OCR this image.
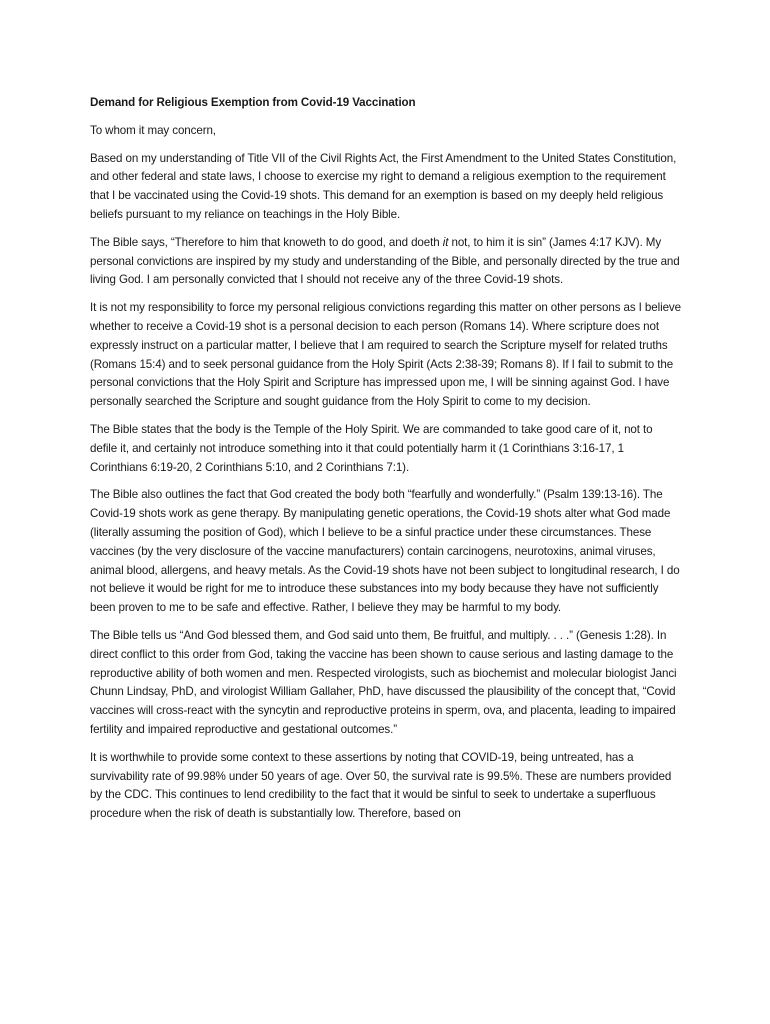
Demand for Religious Exemption from Covid-19 Vaccination
To whom it may concern,
Based on my understanding of Title VII of the Civil Rights Act, the First Amendment to the United States Constitution, and other federal and state laws, I choose to exercise my right to demand a religious exemption to the requirement that I be vaccinated using the Covid-19 shots. This demand for an exemption is based on my deeply held religious beliefs pursuant to my reliance on teachings in the Holy Bible.
The Bible says, “Therefore to him that knoweth to do good, and doeth it not, to him it is sin” (James 4:17 KJV). My personal convictions are inspired by my study and understanding of the Bible, and personally directed by the true and living God. I am personally convicted that I should not receive any of the three Covid-19 shots.
It is not my responsibility to force my personal religious convictions regarding this matter on other persons as I believe whether to receive a Covid-19 shot is a personal decision to each person (Romans 14). Where scripture does not expressly instruct on a particular matter, I believe that I am required to search the Scripture myself for related truths (Romans 15:4) and to seek personal guidance from the Holy Spirit (Acts 2:38-39; Romans 8). If I fail to submit to the personal convictions that the Holy Spirit and Scripture has impressed upon me, I will be sinning against God. I have personally searched the Scripture and sought guidance from the Holy Spirit to come to my decision.
The Bible states that the body is the Temple of the Holy Spirit. We are commanded to take good care of it, not to defile it, and certainly not introduce something into it that could potentially harm it (1 Corinthians 3:16-17, 1 Corinthians 6:19-20, 2 Corinthians 5:10, and 2 Corinthians 7:1).
The Bible also outlines the fact that God created the body both “fearfully and wonderfully.” (Psalm 139:13-16). The Covid-19 shots work as gene therapy. By manipulating genetic operations, the Covid-19 shots alter what God made (literally assuming the position of God), which I believe to be a sinful practice under these circumstances. These vaccines (by the very disclosure of the vaccine manufacturers) contain carcinogens, neurotoxins, animal viruses, animal blood, allergens, and heavy metals. As the Covid-19 shots have not been subject to longitudinal research, I do not believe it would be right for me to introduce these substances into my body because they have not sufficiently been proven to me to be safe and effective. Rather, I believe they may be harmful to my body.
The Bible tells us “And God blessed them, and God said unto them, Be fruitful, and multiply. . . .” (Genesis 1:28). In direct conflict to this order from God, taking the vaccine has been shown to cause serious and lasting damage to the reproductive ability of both women and men. Respected virologists, such as biochemist and molecular biologist Janci Chunn Lindsay, PhD, and virologist William Gallaher, PhD, have discussed the plausibility of the concept that, “Covid vaccines will cross-react with the syncytin and reproductive proteins in sperm, ova, and placenta, leading to impaired fertility and impaired reproductive and gestational outcomes.”
It is worthwhile to provide some context to these assertions by noting that COVID-19, being untreated, has a survivability rate of 99.98% under 50 years of age. Over 50, the survival rate is 99.5%. These are numbers provided by the CDC. This continues to lend credibility to the fact that it would be sinful to seek to undertake a superfluous procedure when the risk of death is substantially low. Therefore, based on
